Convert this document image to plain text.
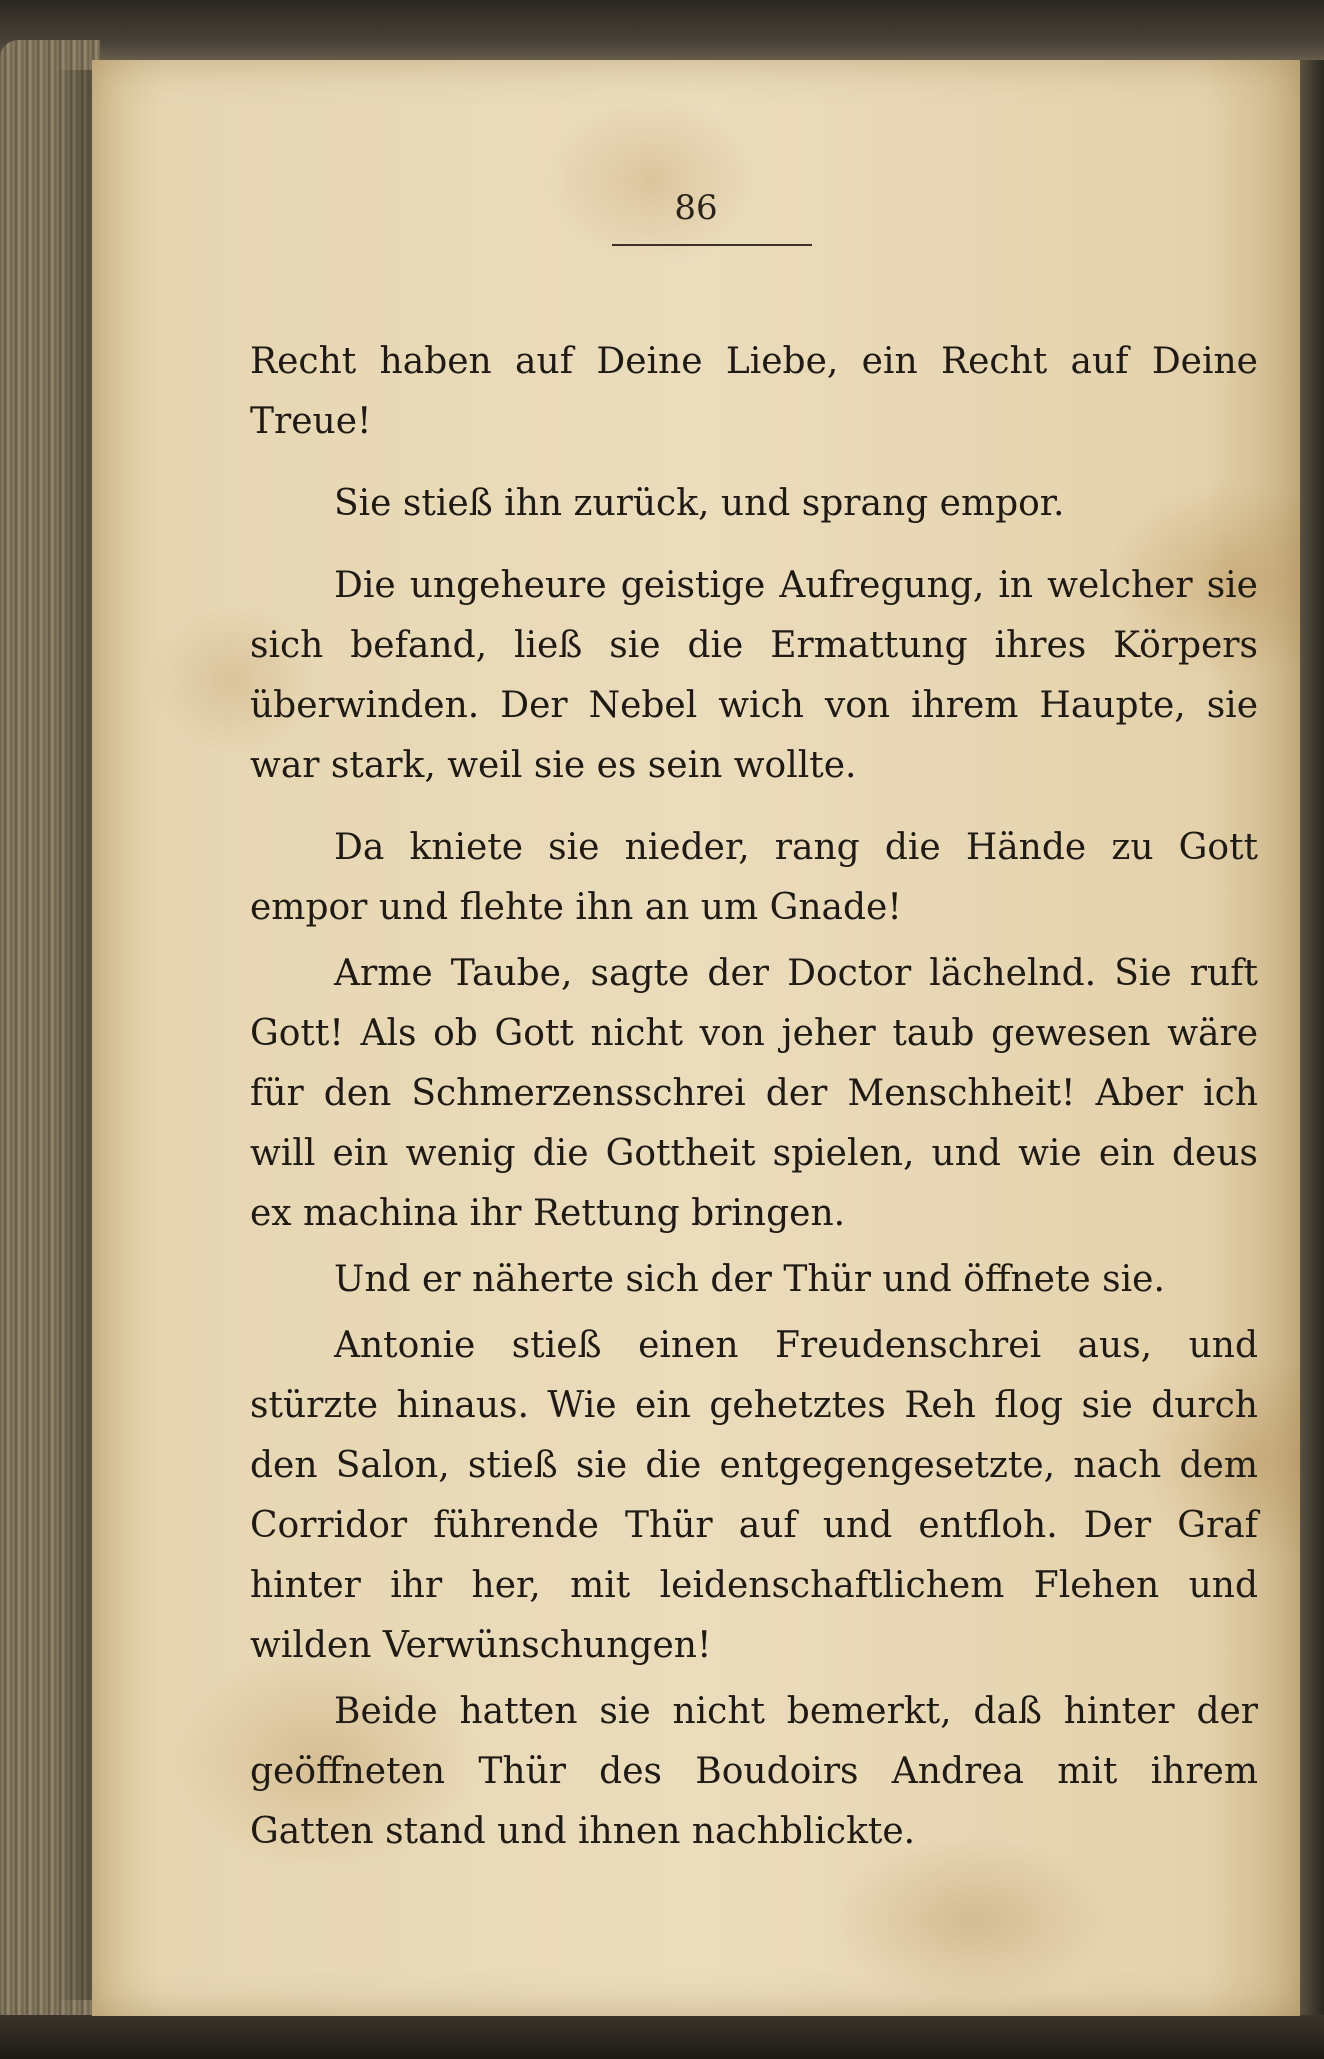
86

Recht haben auf Deine Liebe, ein Recht auf Deine Treue!

Sie stieß ihn zurück, und sprang empor.

Die ungeheure geistige Aufregung, in welcher sie sich befand, ließ sie die Ermattung ihres Körpers überwinden. Der Nebel wich von ihrem Haupte, sie war stark, weil sie es sein wollte.

Da kniete sie nieder, rang die Hände zu Gott empor und flehte ihn an um Gnade!

Arme Taube, sagte der Doctor lächelnd. Sie ruft Gott! Als ob Gott nicht von jeher taub gewesen wäre für den Schmerzensschrei der Menschheit! Aber ich will ein wenig die Gottheit spielen, und wie ein deus ex machina ihr Rettung bringen.

Und er näherte sich der Thür und öffnete sie.

Antonie stieß einen Freudenschrei aus, und stürzte hinaus. Wie ein gehetztes Reh flog sie durch den Salon, stieß sie die entgegengesetzte, nach dem Corridor führende Thür auf und entfloh. Der Graf hinter ihr her, mit leidenschaftlichem Flehen und wilden Verwünschungen!

Beide hatten sie nicht bemerkt, daß hinter der geöffneten Thür des Boudoirs Andrea mit ihrem Gatten stand und ihnen nachblickte.
